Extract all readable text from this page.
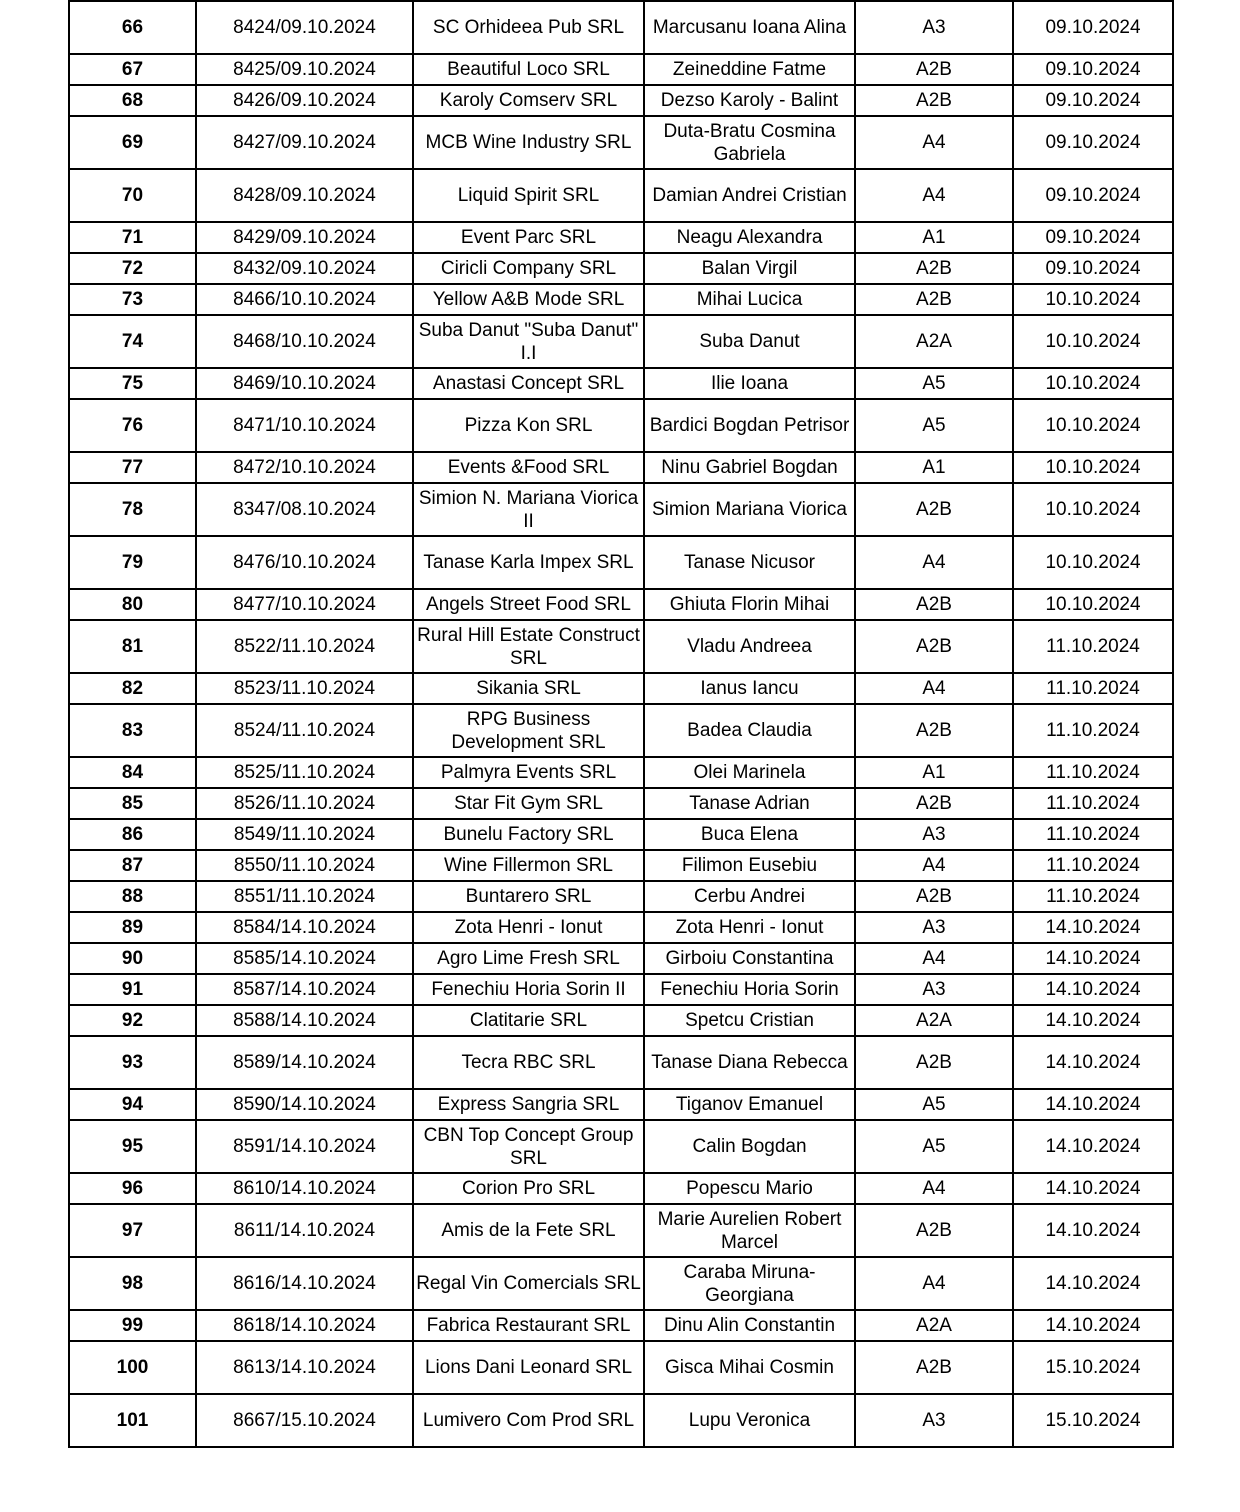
66	8424/09.10.2024	SC Orhideea Pub SRL	Marcusanu Ioana Alina	A3	09.10.2024
67	8425/09.10.2024	Beautiful Loco SRL	Zeineddine Fatme	A2B	09.10.2024
68	8426/09.10.2024	Karoly Comserv SRL	Dezso Karoly - Balint	A2B	09.10.2024
69	8427/09.10.2024	MCB Wine Industry SRL	Duta-Bratu Cosmina Gabriela	A4	09.10.2024
70	8428/09.10.2024	Liquid Spirit SRL	Damian Andrei Cristian	A4	09.10.2024
71	8429/09.10.2024	Event Parc SRL	Neagu Alexandra	A1	09.10.2024
72	8432/09.10.2024	Ciricli Company SRL	Balan Virgil	A2B	09.10.2024
73	8466/10.10.2024	Yellow A&B Mode SRL	Mihai Lucica	A2B	10.10.2024
74	8468/10.10.2024	Suba Danut "Suba Danut" I.I	Suba Danut	A2A	10.10.2024
75	8469/10.10.2024	Anastasi Concept SRL	Ilie Ioana	A5	10.10.2024
76	8471/10.10.2024	Pizza Kon SRL	Bardici Bogdan Petrisor	A5	10.10.2024
77	8472/10.10.2024	Events &Food SRL	Ninu Gabriel Bogdan	A1	10.10.2024
78	8347/08.10.2024	Simion N. Mariana Viorica II	Simion Mariana Viorica	A2B	10.10.2024
79	8476/10.10.2024	Tanase Karla Impex SRL	Tanase Nicusor	A4	10.10.2024
80	8477/10.10.2024	Angels Street Food SRL	Ghiuta Florin Mihai	A2B	10.10.2024
81	8522/11.10.2024	Rural Hill Estate Construct SRL	Vladu Andreea	A2B	11.10.2024
82	8523/11.10.2024	Sikania SRL	Ianus Iancu	A4	11.10.2024
83	8524/11.10.2024	RPG Business Development SRL	Badea Claudia	A2B	11.10.2024
84	8525/11.10.2024	Palmyra Events SRL	Olei Marinela	A1	11.10.2024
85	8526/11.10.2024	Star Fit Gym SRL	Tanase Adrian	A2B	11.10.2024
86	8549/11.10.2024	Bunelu Factory SRL	Buca Elena	A3	11.10.2024
87	8550/11.10.2024	Wine Fillermon SRL	Filimon Eusebiu	A4	11.10.2024
88	8551/11.10.2024	Buntarero SRL	Cerbu Andrei	A2B	11.10.2024
89	8584/14.10.2024	Zota Henri - Ionut	Zota Henri - Ionut	A3	14.10.2024
90	8585/14.10.2024	Agro Lime Fresh SRL	Girboiu Constantina	A4	14.10.2024
91	8587/14.10.2024	Fenechiu Horia Sorin II	Fenechiu Horia Sorin	A3	14.10.2024
92	8588/14.10.2024	Clatitarie SRL	Spetcu Cristian	A2A	14.10.2024
93	8589/14.10.2024	Tecra RBC SRL	Tanase Diana Rebecca	A2B	14.10.2024
94	8590/14.10.2024	Express Sangria SRL	Tiganov Emanuel	A5	14.10.2024
95	8591/14.10.2024	CBN Top Concept Group SRL	Calin Bogdan	A5	14.10.2024
96	8610/14.10.2024	Corion Pro SRL	Popescu Mario	A4	14.10.2024
97	8611/14.10.2024	Amis de la Fete SRL	Marie Aurelien Robert Marcel	A2B	14.10.2024
98	8616/14.10.2024	Regal Vin Comercials SRL	Caraba Miruna-Georgiana	A4	14.10.2024
99	8618/14.10.2024	Fabrica Restaurant SRL	Dinu Alin Constantin	A2A	14.10.2024
100	8613/14.10.2024	Lions Dani Leonard SRL	Gisca Mihai Cosmin	A2B	15.10.2024
101	8667/15.10.2024	Lumivero Com Prod SRL	Lupu Veronica	A3	15.10.2024
